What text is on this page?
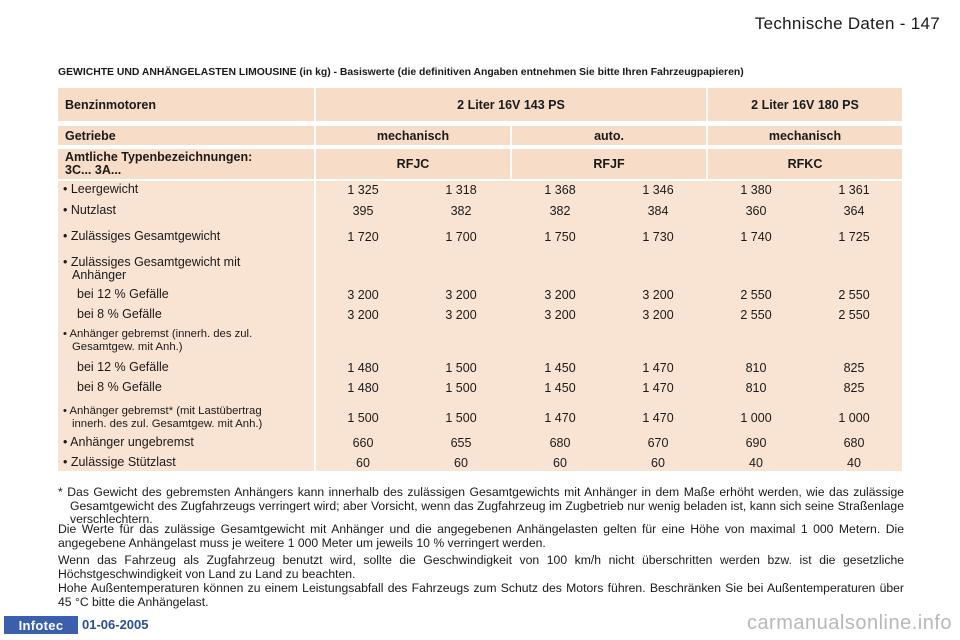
Technische Daten - 147
GEWICHTE UND ANHÄNGELASTEN LIMOUSINE (in kg) - Basiswerte (die definitiven Angaben entnehmen Sie bitte Ihren Fahrzeugpapieren)
Benzinmotoren	2 Liter 16V 143 PS	2 Liter 16V 180 PS
Getriebe	mechanisch	auto.	mechanisch
Amtliche Typenbezeichnungen:
3C... 3A...	RFJC	RFJF	RFKC
• Leergewicht	1 325	1 318	1 368	1 346	1 380	1 361
• Nutzlast	395	382	382	384	360	364
• Zulässiges Gesamtgewicht	1 720	1 700	1 750	1 730	1 740	1 725
• Zulässiges Gesamtgewicht mit
Anhänger
bei 12 % Gefälle	3 200	3 200	3 200	3 200	2 550	2 550
bei 8 % Gefälle	3 200	3 200	3 200	3 200	2 550	2 550
• Anhänger gebremst (innerh. des zul.
Gesamtgew. mit Anh.)
bei 12 % Gefälle	1 480	1 500	1 450	1 470	810	825
bei 8 % Gefälle	1 480	1 500	1 450	1 470	810	825
• Anhänger gebremst* (mit Lastübertrag
innerh. des zul. Gesamtgew. mit Anh.)	1 500	1 500	1 470	1 470	1 000	1 000
• Anhänger ungebremst	660	655	680	670	690	680
• Zulässige Stützlast	60	60	60	60	40	40
* Das Gewicht des gebremsten Anhängers kann innerhalb des zulässigen Gesamtgewichts mit Anhänger in dem Maße erhöht werden, wie das zulässige Gesamtgewicht des Zugfahrzeugs verringert wird; aber Vorsicht, wenn das Zugfahrzeug im Zugbetrieb nur wenig beladen ist, kann sich seine Straßenlage verschlechtern.
Die Werte für das zulässige Gesamtgewicht mit Anhänger und die angegebenen Anhängelasten gelten für eine Höhe von maximal 1 000 Metern. Die angegebene Anhängelast muss je weitere 1 000 Meter um jeweils 10 % verringert werden.
Wenn das Fahrzeug als Zugfahrzeug benutzt wird, sollte die Geschwindigkeit von 100 km/h nicht überschritten werden bzw. ist die gesetzliche Höchstgeschwindigkeit von Land zu Land zu beachten.
Hohe Außentemperaturen können zu einem Leistungsabfall des Fahrzeugs zum Schutz des Motors führen. Beschränken Sie bei Außentemperaturen über 45 °C bitte die Anhängelast.
Infotec	01-06-2005	carmanualsonline.info
